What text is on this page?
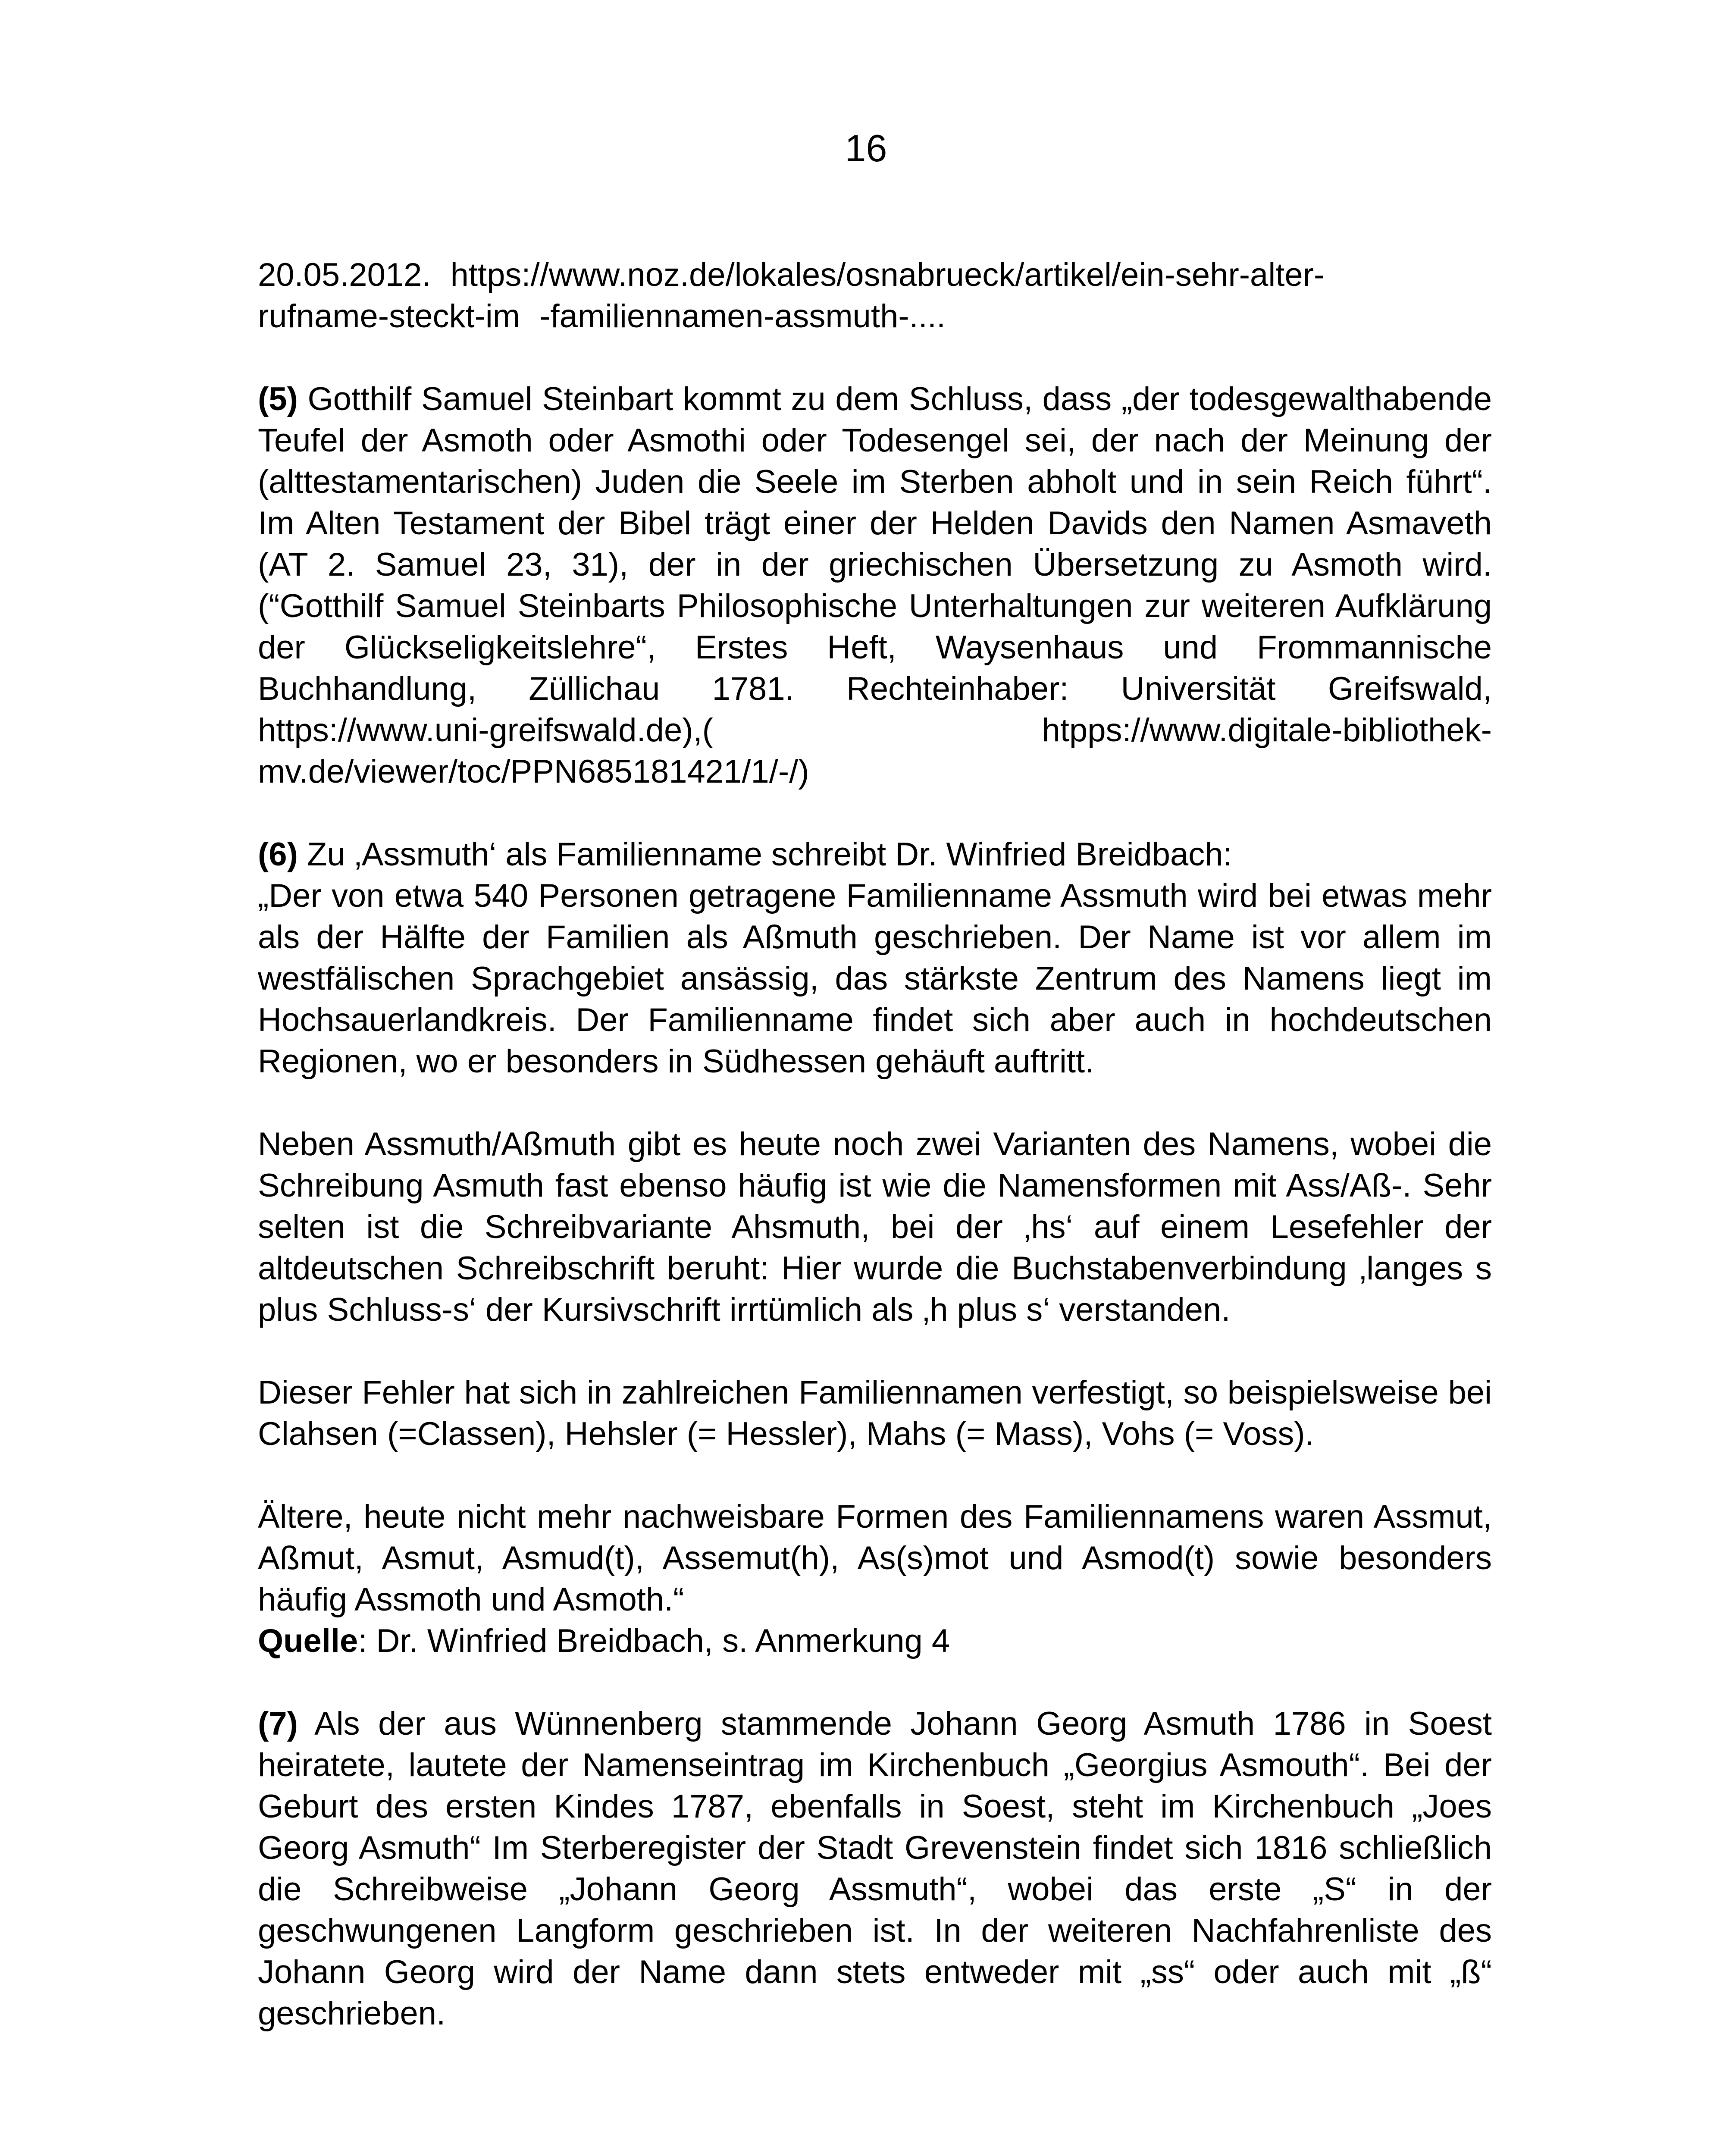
16

20.05.2012. https://www.noz.de/lokales/osnabrueck/artikel/ein-sehr-alter-
rufname-steckt-im -familiennamen-assmuth-....

(5) Gotthilf Samuel Steinbart kommt zu dem Schluss, dass „der todesgewalthabende Teufel der Asmoth oder Asmothi oder Todesengel sei, der nach der Meinung der (alttestamentarischen) Juden die Seele im Sterben abholt und in sein Reich führt“. Im Alten Testament der Bibel trägt einer der Helden Davids den Namen Asmaveth (AT 2. Samuel 23, 31), der in der griechischen Übersetzung zu Asmoth wird. (“Gotthilf Samuel Steinbarts Philosophische Unterhaltungen zur weiteren Aufklärung der Glückseligkeitslehre“, Erstes Heft, Waysenhaus und Frommannische Buchhandlung, Züllichau 1781. Rechteinhaber: Universität Greifswald, https://www.uni-greifswald.de),( htpps://www.digitale-bibliothek-mv.de/viewer/toc/PPN685181421/1/-/)

(6) Zu ‚Assmuth‘ als Familienname schreibt Dr. Winfried Breidbach:

„Der von etwa 540 Personen getragene Familienname Assmuth wird bei etwas mehr als der Hälfte der Familien als Aßmuth geschrieben. Der Name ist vor allem im westfälischen Sprachgebiet ansässig, das stärkste Zentrum des Namens liegt im Hochsauerlandkreis. Der Familienname findet sich aber auch in hochdeutschen Regionen, wo er besonders in Südhessen gehäuft auftritt.

Neben Assmuth/Aßmuth gibt es heute noch zwei Varianten des Namens, wobei die Schreibung Asmuth fast ebenso häufig ist wie die Namensformen mit Ass/Aß-. Sehr selten ist die Schreibvariante Ahsmuth, bei der ‚hs‘ auf einem Lesefehler der altdeutschen Schreibschrift beruht: Hier wurde die Buchstabenverbindung ‚langes s plus Schluss-s‘ der Kursivschrift irrtümlich als ‚h plus s‘ verstanden.

Dieser Fehler hat sich in zahlreichen Familiennamen verfestigt, so beispielsweise bei Clahsen (=Classen), Hehsler (= Hessler), Mahs (= Mass), Vohs (= Voss).

Ältere, heute nicht mehr nachweisbare Formen des Familiennamens waren Assmut, Aßmut, Asmut, Asmud(t), Assemut(h), As(s)mot und Asmod(t) sowie besonders häufig Assmoth und Asmoth.“

Quelle: Dr. Winfried Breidbach, s. Anmerkung 4

(7) Als der aus Wünnenberg stammende Johann Georg Asmuth 1786 in Soest heiratete, lautete der Namenseintrag im Kirchenbuch „Georgius Asmouth“. Bei der Geburt des ersten Kindes 1787, ebenfalls in Soest, steht im Kirchenbuch „Joes Georg Asmuth“ Im Sterberegister der Stadt Grevenstein findet sich 1816 schließlich die Schreibweise „Johann Georg Assmuth“, wobei das erste „S“ in der geschwungenen Langform geschrieben ist. In der weiteren Nachfahrenliste des Johann Georg wird der Name dann stets entweder mit „ss“ oder auch mit „ß“ geschrieben.
